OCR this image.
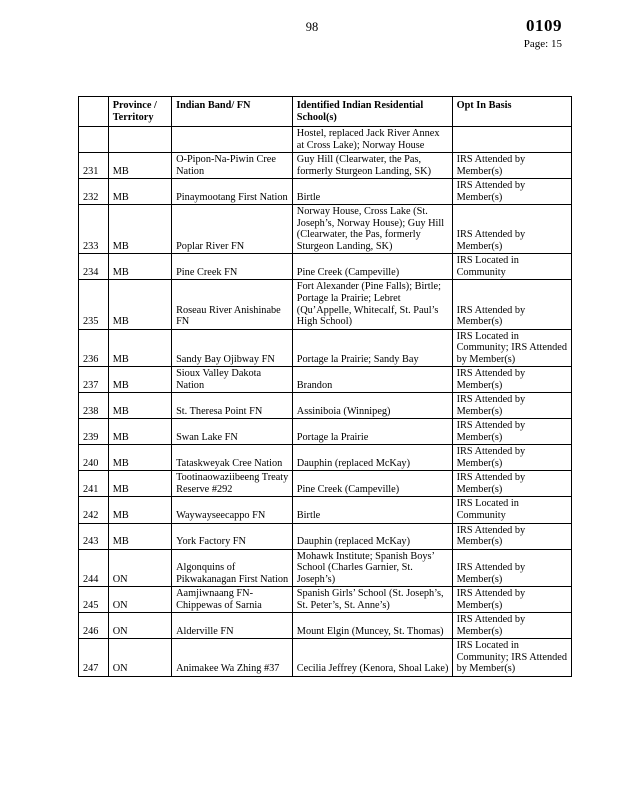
98	0109
Page: 15
	Province / Territory	Indian Band/ FN	Identified Indian Residential School(s)	Opt In Basis
			Hostel, replaced Jack River Annex at Cross Lake); Norway House	
231	MB	O-Pipon-Na-Piwin Cree Nation	Guy Hill (Clearwater, the Pas, formerly Sturgeon Landing, SK)	IRS Attended by Member(s)
232	MB	Pinaymootang First Nation	Birtle	IRS Attended by Member(s)
233	MB	Poplar River FN	Norway House, Cross Lake (St. Joseph’s, Norway House); Guy Hill (Clearwater, the Pas, formerly Sturgeon Landing, SK)	IRS Attended by Member(s)
234	MB	Pine Creek FN	Pine Creek (Campeville)	IRS Located in Community
235	MB	Roseau River Anishinabe FN	Fort Alexander (Pine Falls); Birtle; Portage la Prairie; Lebret (Qu’Appelle, Whitecalf, St. Paul’s High School)	IRS Attended by Member(s)
236	MB	Sandy Bay Ojibway FN	Portage la Prairie; Sandy Bay	IRS Located in Community; IRS Attended by Member(s)
237	MB	Sioux Valley Dakota Nation	Brandon	IRS Attended by Member(s)
238	MB	St. Theresa Point FN	Assiniboia (Winnipeg)	IRS Attended by Member(s)
239	MB	Swan Lake FN	Portage la Prairie	IRS Attended by Member(s)
240	MB	Tataskweyak Cree Nation	Dauphin (replaced McKay)	IRS Attended by Member(s)
241	MB	Tootinaowaziibeeng Treaty Reserve #292	Pine Creek (Campeville)	IRS Attended by Member(s)
242	MB	Waywayseecappo FN	Birtle	IRS Located in Community
243	MB	York Factory FN	Dauphin (replaced McKay)	IRS Attended by Member(s)
244	ON	Algonquins of Pikwakanagan First Nation	Mohawk Institute; Spanish Boys’ School (Charles Garnier, St. Joseph’s)	IRS Attended by Member(s)
245	ON	Aamjiwnaang FN- Chippewas of Sarnia	Spanish Girls’ School (St. Joseph’s, St. Peter’s, St. Anne’s)	IRS Attended by Member(s)
246	ON	Alderville FN	Mount Elgin (Muncey, St. Thomas)	IRS Attended by Member(s)
247	ON	Animakee Wa Zhing #37	Cecilia Jeffrey (Kenora, Shoal Lake)	IRS Located in Community; IRS Attended by Member(s)
